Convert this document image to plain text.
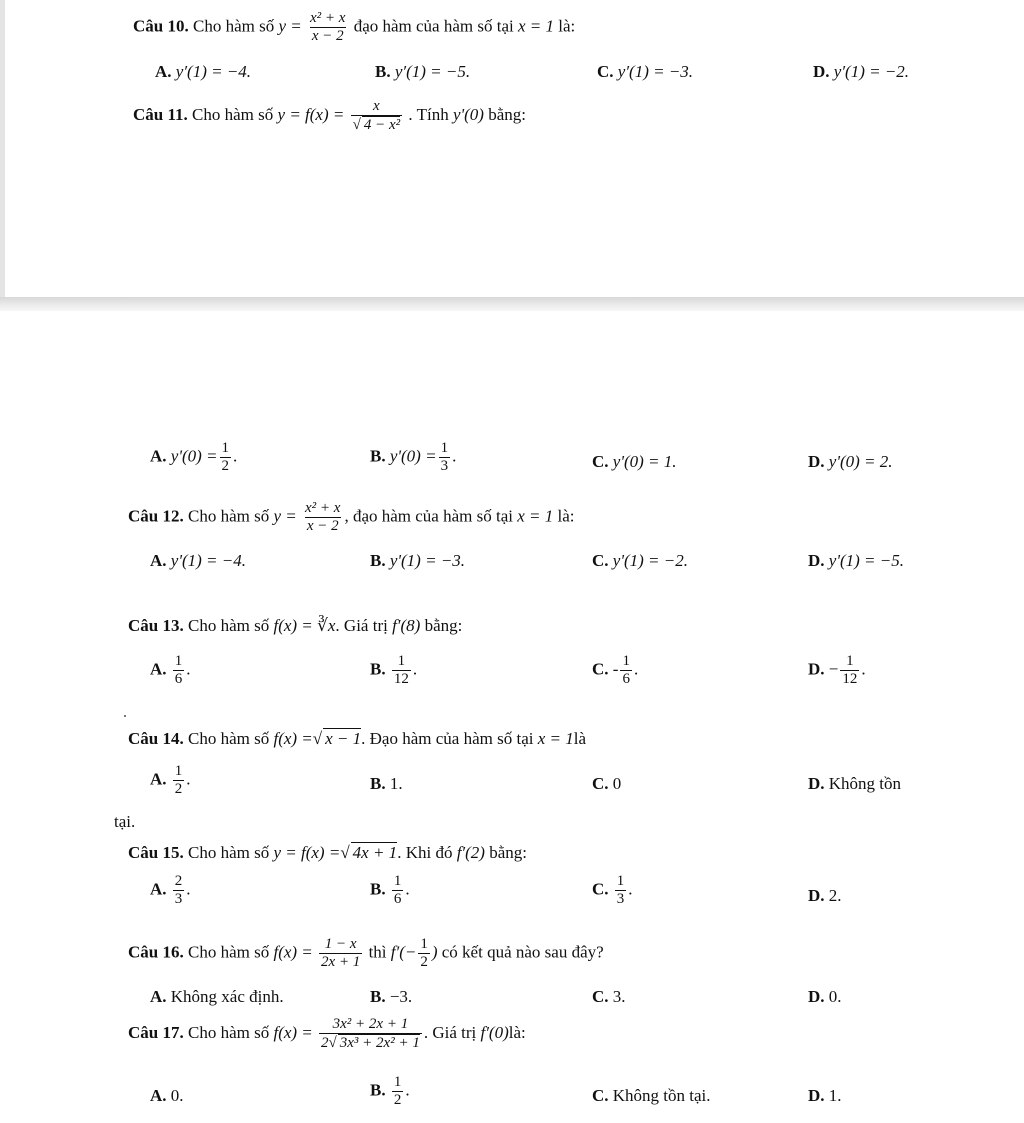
Câu 10. Cho hàm số $y = \frac{\text{x² + x}}{x - 2}$ đạo hàm của hàm số tại x = 1 là:
A. y′(1) = −4.	B. y′(1) = −5.	C. y′(1) = −3.	D. y′(1) = −2.
Câu 11. Cho hàm số $y = f(x) = \frac{x}{\text{√ 4 − x²}}$ . Tính y'(0) bằng:
A. $y'(0) = \frac{1}{2}$ .	B. $y'(0) = \frac{1}{3}$ .	C. y'(0) = 1.	D. y'(0) = 2.
Câu 12. Cho hàm số $y = \frac{\text{x² + x}}{x - 2}$ , đạo hàm của hàm số tại x = 1 là:
A. y'(1) = −4.	B. y'(1) = −3.	C. y'(1) = −2.	D. y'(1) = −5.
Câu 13. Cho hàm số f(x) = ∛x. Giá trị f′(8) bằng:
A. $\frac{1}{6}$ .	B. $\frac{1}{12}$ .	C. - $\frac{1}{6}$ .	D. − $\frac{1}{12}$ .
Câu 14. Cho hàm số f(x) =√ x − 1. Đạo hàm của hàm số tại x = 1là
A. $\frac{1}{2}$ .	B. 1.	C. 0	D. Không tồn
tại.
Câu 15. Cho hàm số y = f(x) =√ 4x + 1. Khi đó f′(2) bằng:
A. $\frac{2}{3}$ .	B. $\frac{1}{6}$ .	C. $\frac{1}{3}$ .	D. 2.
Câu 16. Cho hàm số $f(x) = \frac{1 - x}{2x + 1}$ thì $f'(- \frac{1}{2}$ ) có kết quả nào sau đây?
A. Không xác định.	B. −3.	C. 3.	D. 0.
Câu 17. Cho hàm số $f(x) = \frac{\text{3x² + 2x + 1}}{\text{2√ 3x³ + 2x² + 1}}$ . Giá trị f′(0)là:
A. 0.	B. $\frac{1}{2}$ .	C. Không tồn tại.	D. 1.
